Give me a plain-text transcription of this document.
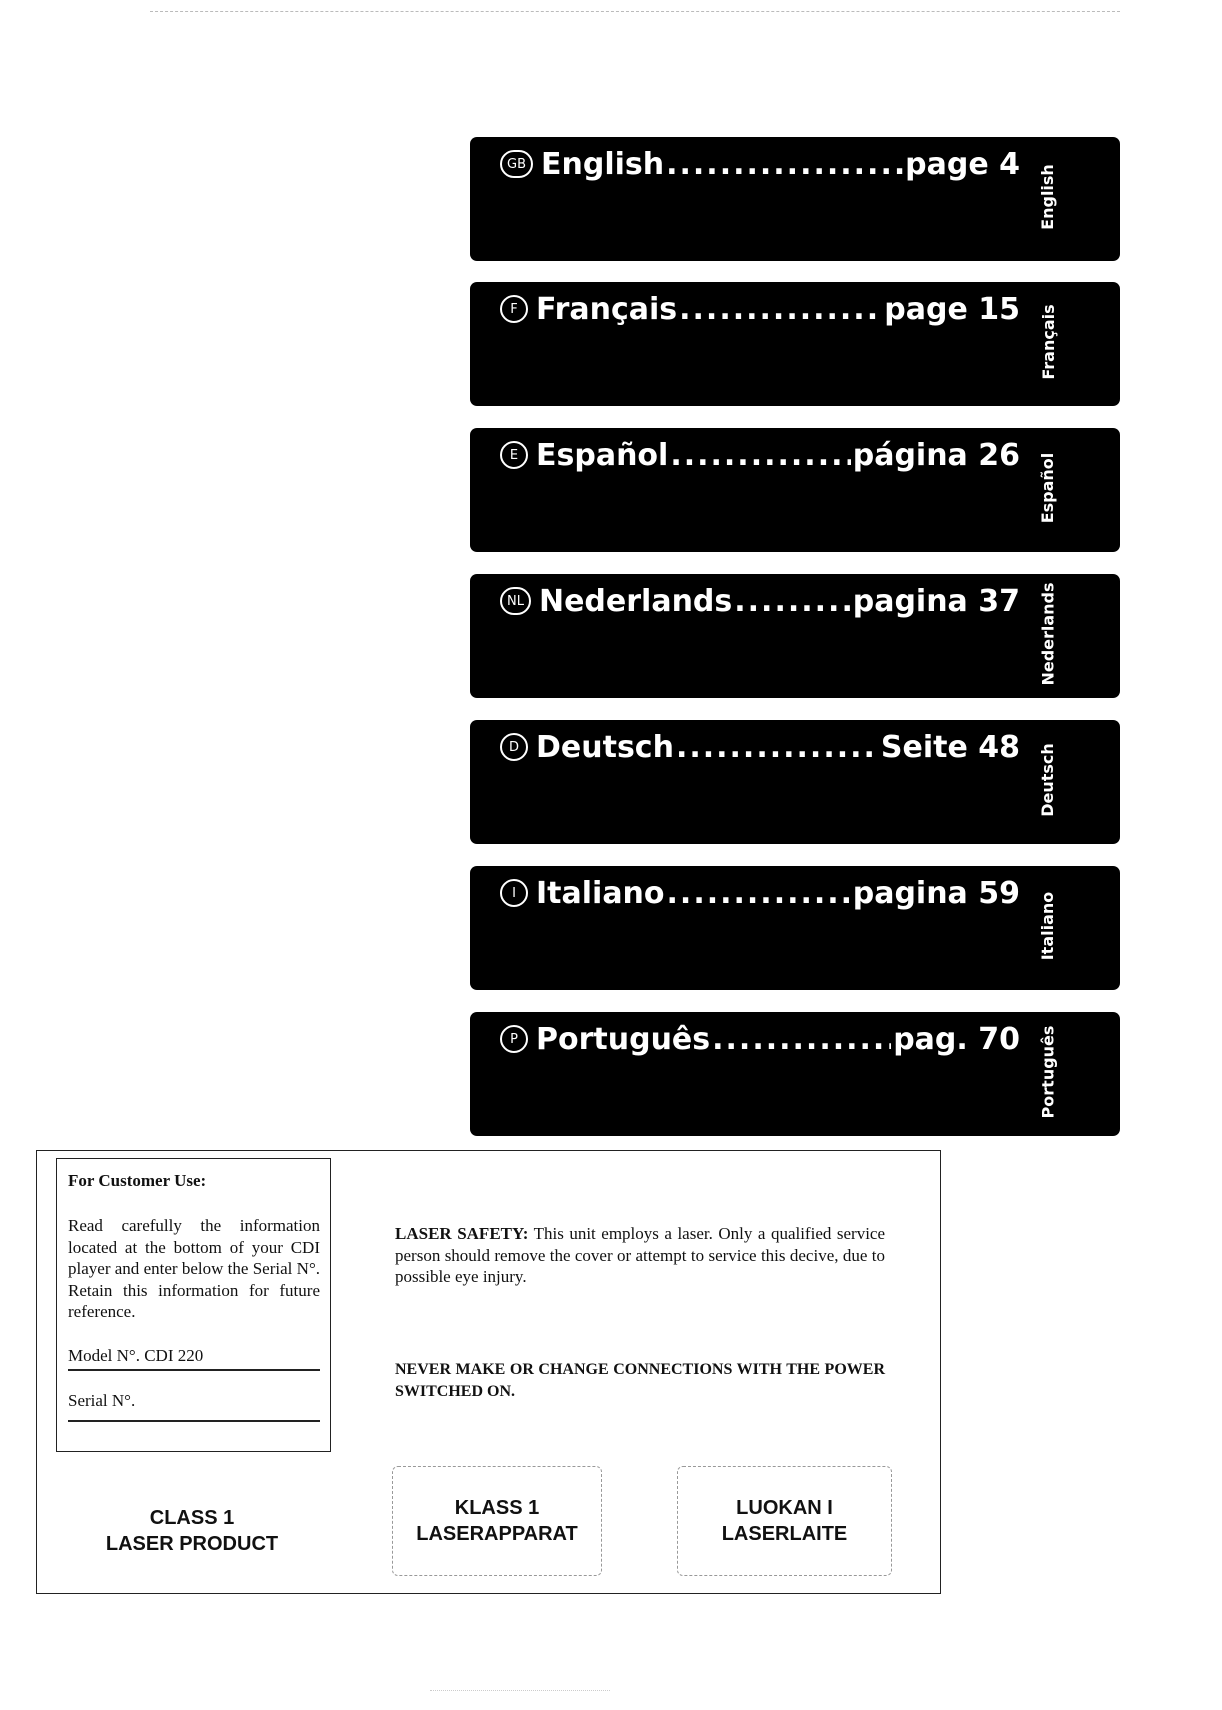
GB English .....	page 4
English
F Français .....	page 15 Français
E Español .....	página 26 Español
NL Nederlands .....	pagina 37 Nederlands
D Deutsch .....	Seite 48 Deutsch
I Italiano .....	pagina 59 Italiano
P Português .....	pag. 70 Português
For Customer Use:
Read carefully the information located at the bottom of your CDI player and enter below the Serial N°. Retain this information for future reference.
Model N°. CDI 220
Serial N°.
LASER SAFETY: This unit employs a laser. Only a qualified service person should remove the cover or attempt to service this decive, due to possible eye injury.
NEVER MAKE OR CHANGE CONNECTIONS WITH THE POWER SWITCHED ON.
CLASS 1
LASER PRODUCT
KLASS 1
LASERAPPARAT
LUOKAN I
LASERLAITE
